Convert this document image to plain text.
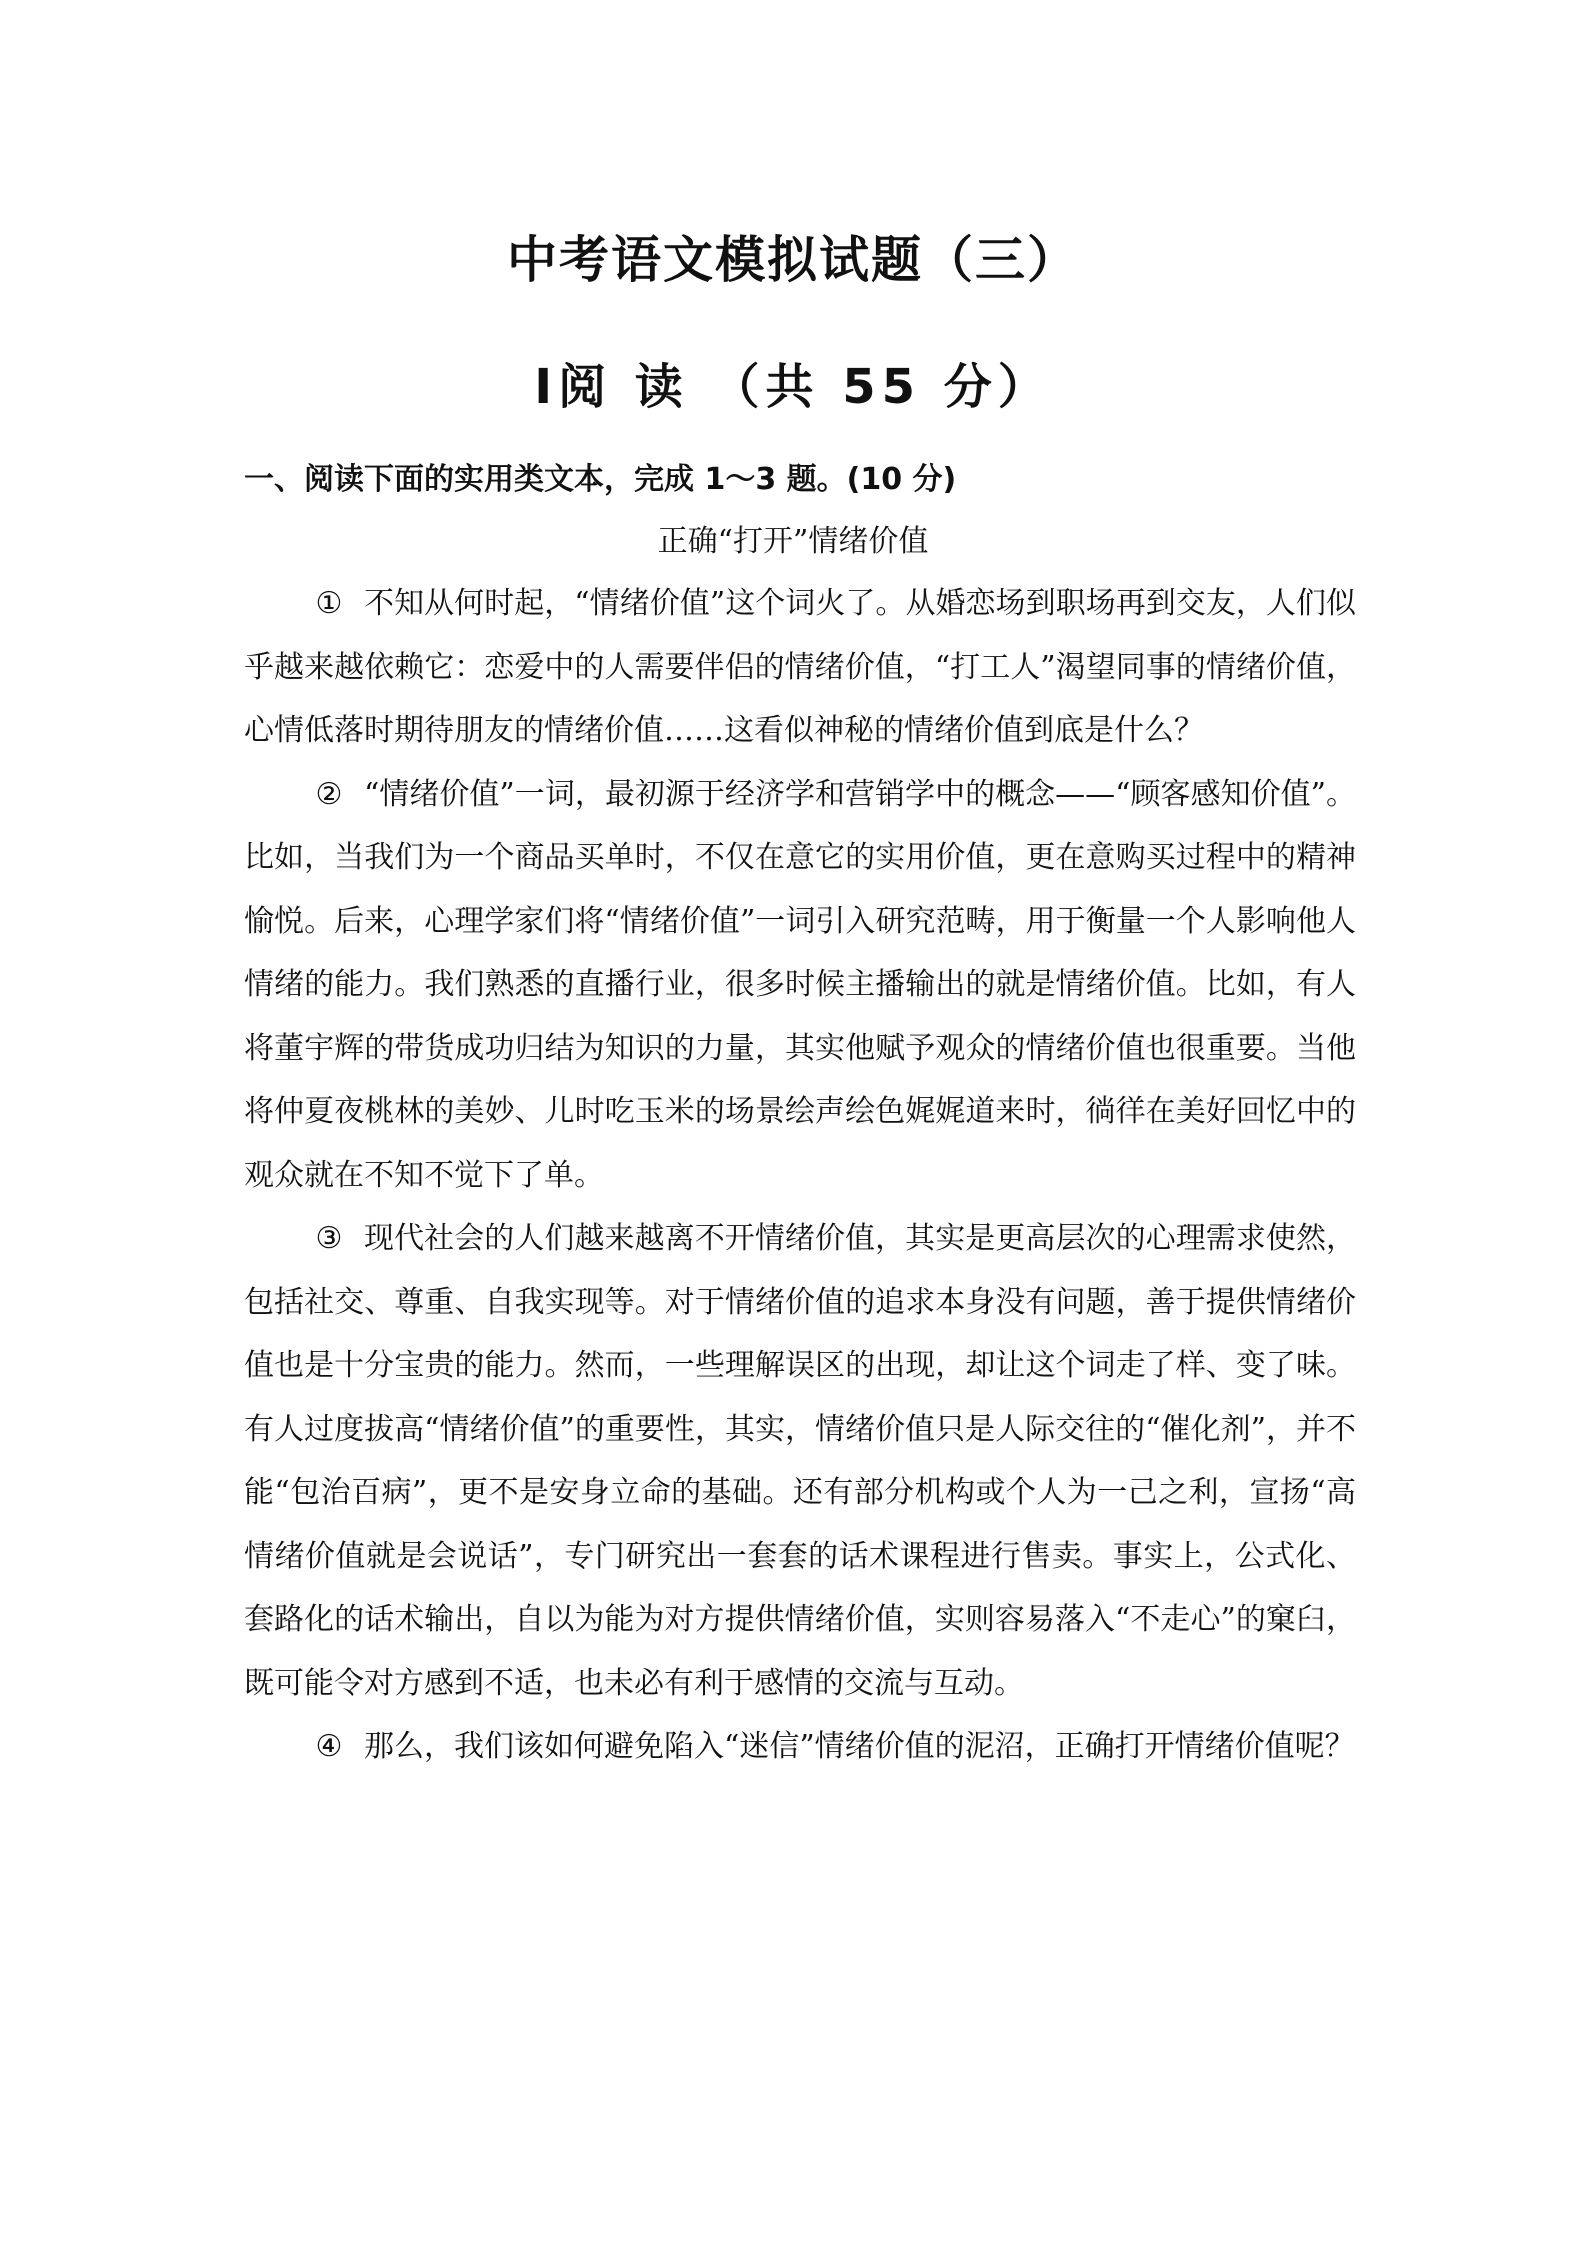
中考语文模拟试题（三）
Ⅰ阅 读 （共 55 分）
一、阅读下面的实用类文本，完成 1～3 题。(10 分)
正确“打开”情绪价值

① 不知从何时起，“情绪价值”这个词火了。从婚恋场到职场再到交友，人们似乎越来越依赖它：恋爱中的人需要伴侣的情绪价值，“打工人”渴望同事的情绪价值，心情低落时期待朋友的情绪价值……这看似神秘的情绪价值到底是什么？

② “情绪价值”一词，最初源于经济学和营销学中的概念——“顾客感知价值”。比如，当我们为一个商品买单时，不仅在意它的实用价值，更在意购买过程中的精神愉悦。后来，心理学家们将“情绪价值”一词引入研究范畴，用于衡量一个人影响他人情绪的能力。我们熟悉的直播行业，很多时候主播输出的就是情绪价值。比如，有人将董宇辉的带货成功归结为知识的力量，其实他赋予观众的情绪价值也很重要。当他将仲夏夜桃林的美妙、儿时吃玉米的场景绘声绘色娓娓道来时，徜徉在美好回忆中的观众就在不知不觉下了单。

③ 现代社会的人们越来越离不开情绪价值，其实是更高层次的心理需求使然，包括社交、尊重、自我实现等。对于情绪价值的追求本身没有问题，善于提供情绪价值也是十分宝贵的能力。然而，一些理解误区的出现，却让这个词走了样、变了味。有人过度拔高“情绪价值”的重要性，其实，情绪价值只是人际交往的“催化剂”，并不能“包治百病”，更不是安身立命的基础。还有部分机构或个人为一己之利，宣扬“高情绪价值就是会说话”，专门研究出一套套的话术课程进行售卖。事实上，公式化、套路化的话术输出，自以为能为对方提供情绪价值，实则容易落入“不走心”的窠臼，既可能令对方感到不适，也未必有利于感情的交流与互动。

④ 那么，我们该如何避免陷入“迷信”情绪价值的泥沼，正确打开情绪价值呢？
